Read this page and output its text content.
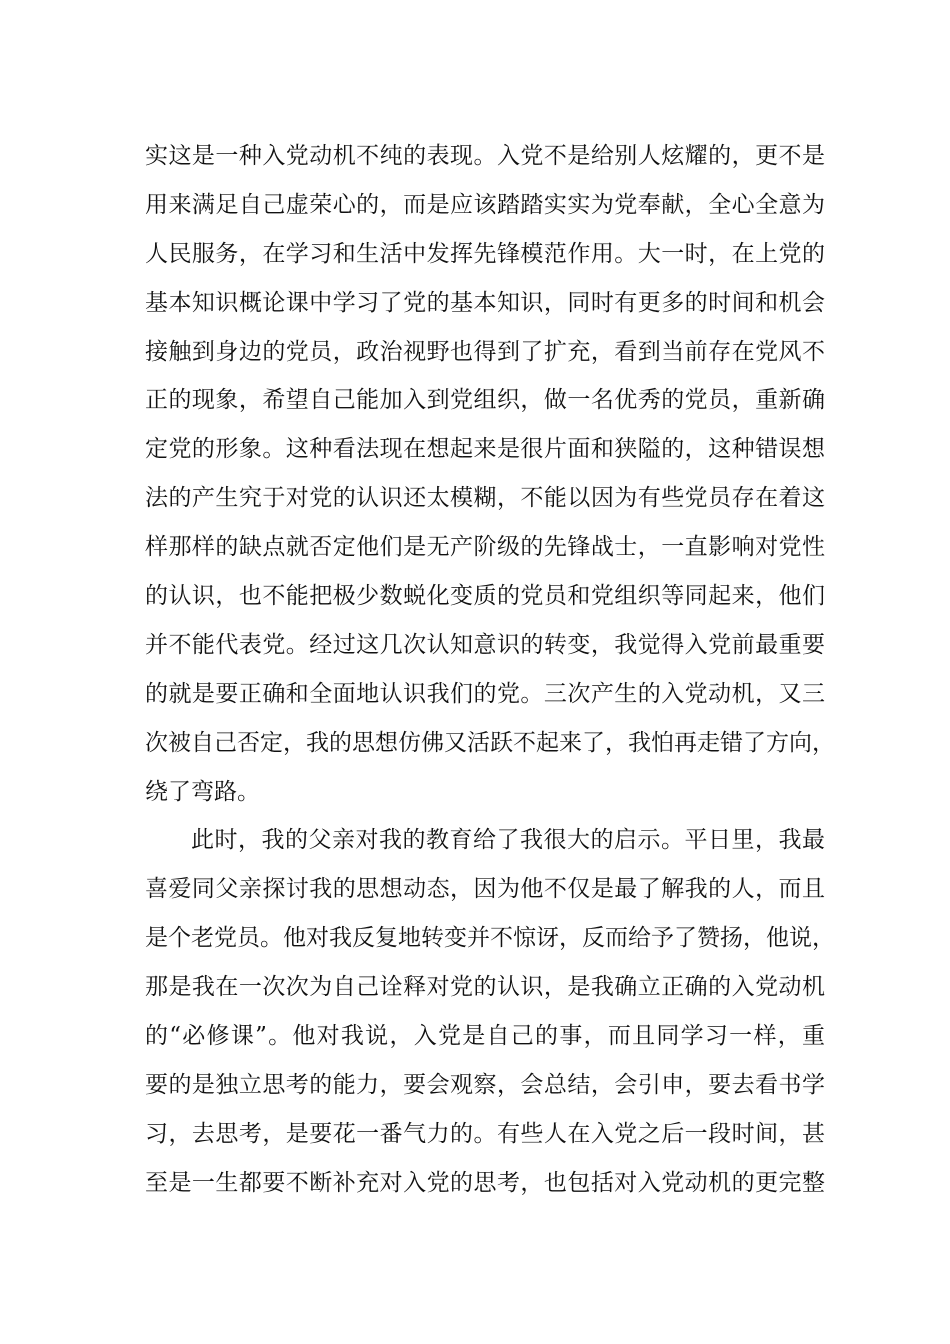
实这是一种入党动机不纯的表现。入党不是给别人炫耀的，更不是
用来满足自己虚荣心的，而是应该踏踏实实为党奉献，全心全意为
人民服务，在学习和生活中发挥先锋模范作用。大一时，在上党的
基本知识概论课中学习了党的基本知识，同时有更多的时间和机会
接触到身边的党员，政治视野也得到了扩充，看到当前存在党风不
正的现象，希望自己能加入到党组织，做一名优秀的党员，重新确
定党的形象。这种看法现在想起来是很片面和狭隘的，这种错误想
法的产生究于对党的认识还太模糊，不能以因为有些党员存在着这
样那样的缺点就否定他们是无产阶级的先锋战士，一直影响对党性
的认识，也不能把极少数蜕化变质的党员和党组织等同起来，他们
并不能代表党。经过这几次认知意识的转变，我觉得入党前最重要
的就是要正确和全面地认识我们的党。三次产生的入党动机，又三
次被自己否定，我的思想仿佛又活跃不起来了，我怕再走错了方向，
绕了弯路。
此时，我的父亲对我的教育给了我很大的启示。平日里，我最
喜爱同父亲探讨我的思想动态，因为他不仅是最了解我的人，而且
是个老党员。他对我反复地转变并不惊讶，反而给予了赞扬，他说，
那是我在一次次为自己诠释对党的认识，是我确立正确的入党动机
的“必修课”。他对我说，入党是自己的事，而且同学习一样，重
要的是独立思考的能力，要会观察，会总结，会引申，要去看书学
习，去思考，是要花一番气力的。有些人在入党之后一段时间，甚
至是一生都要不断补充对入党的思考，也包括对入党动机的更完整
